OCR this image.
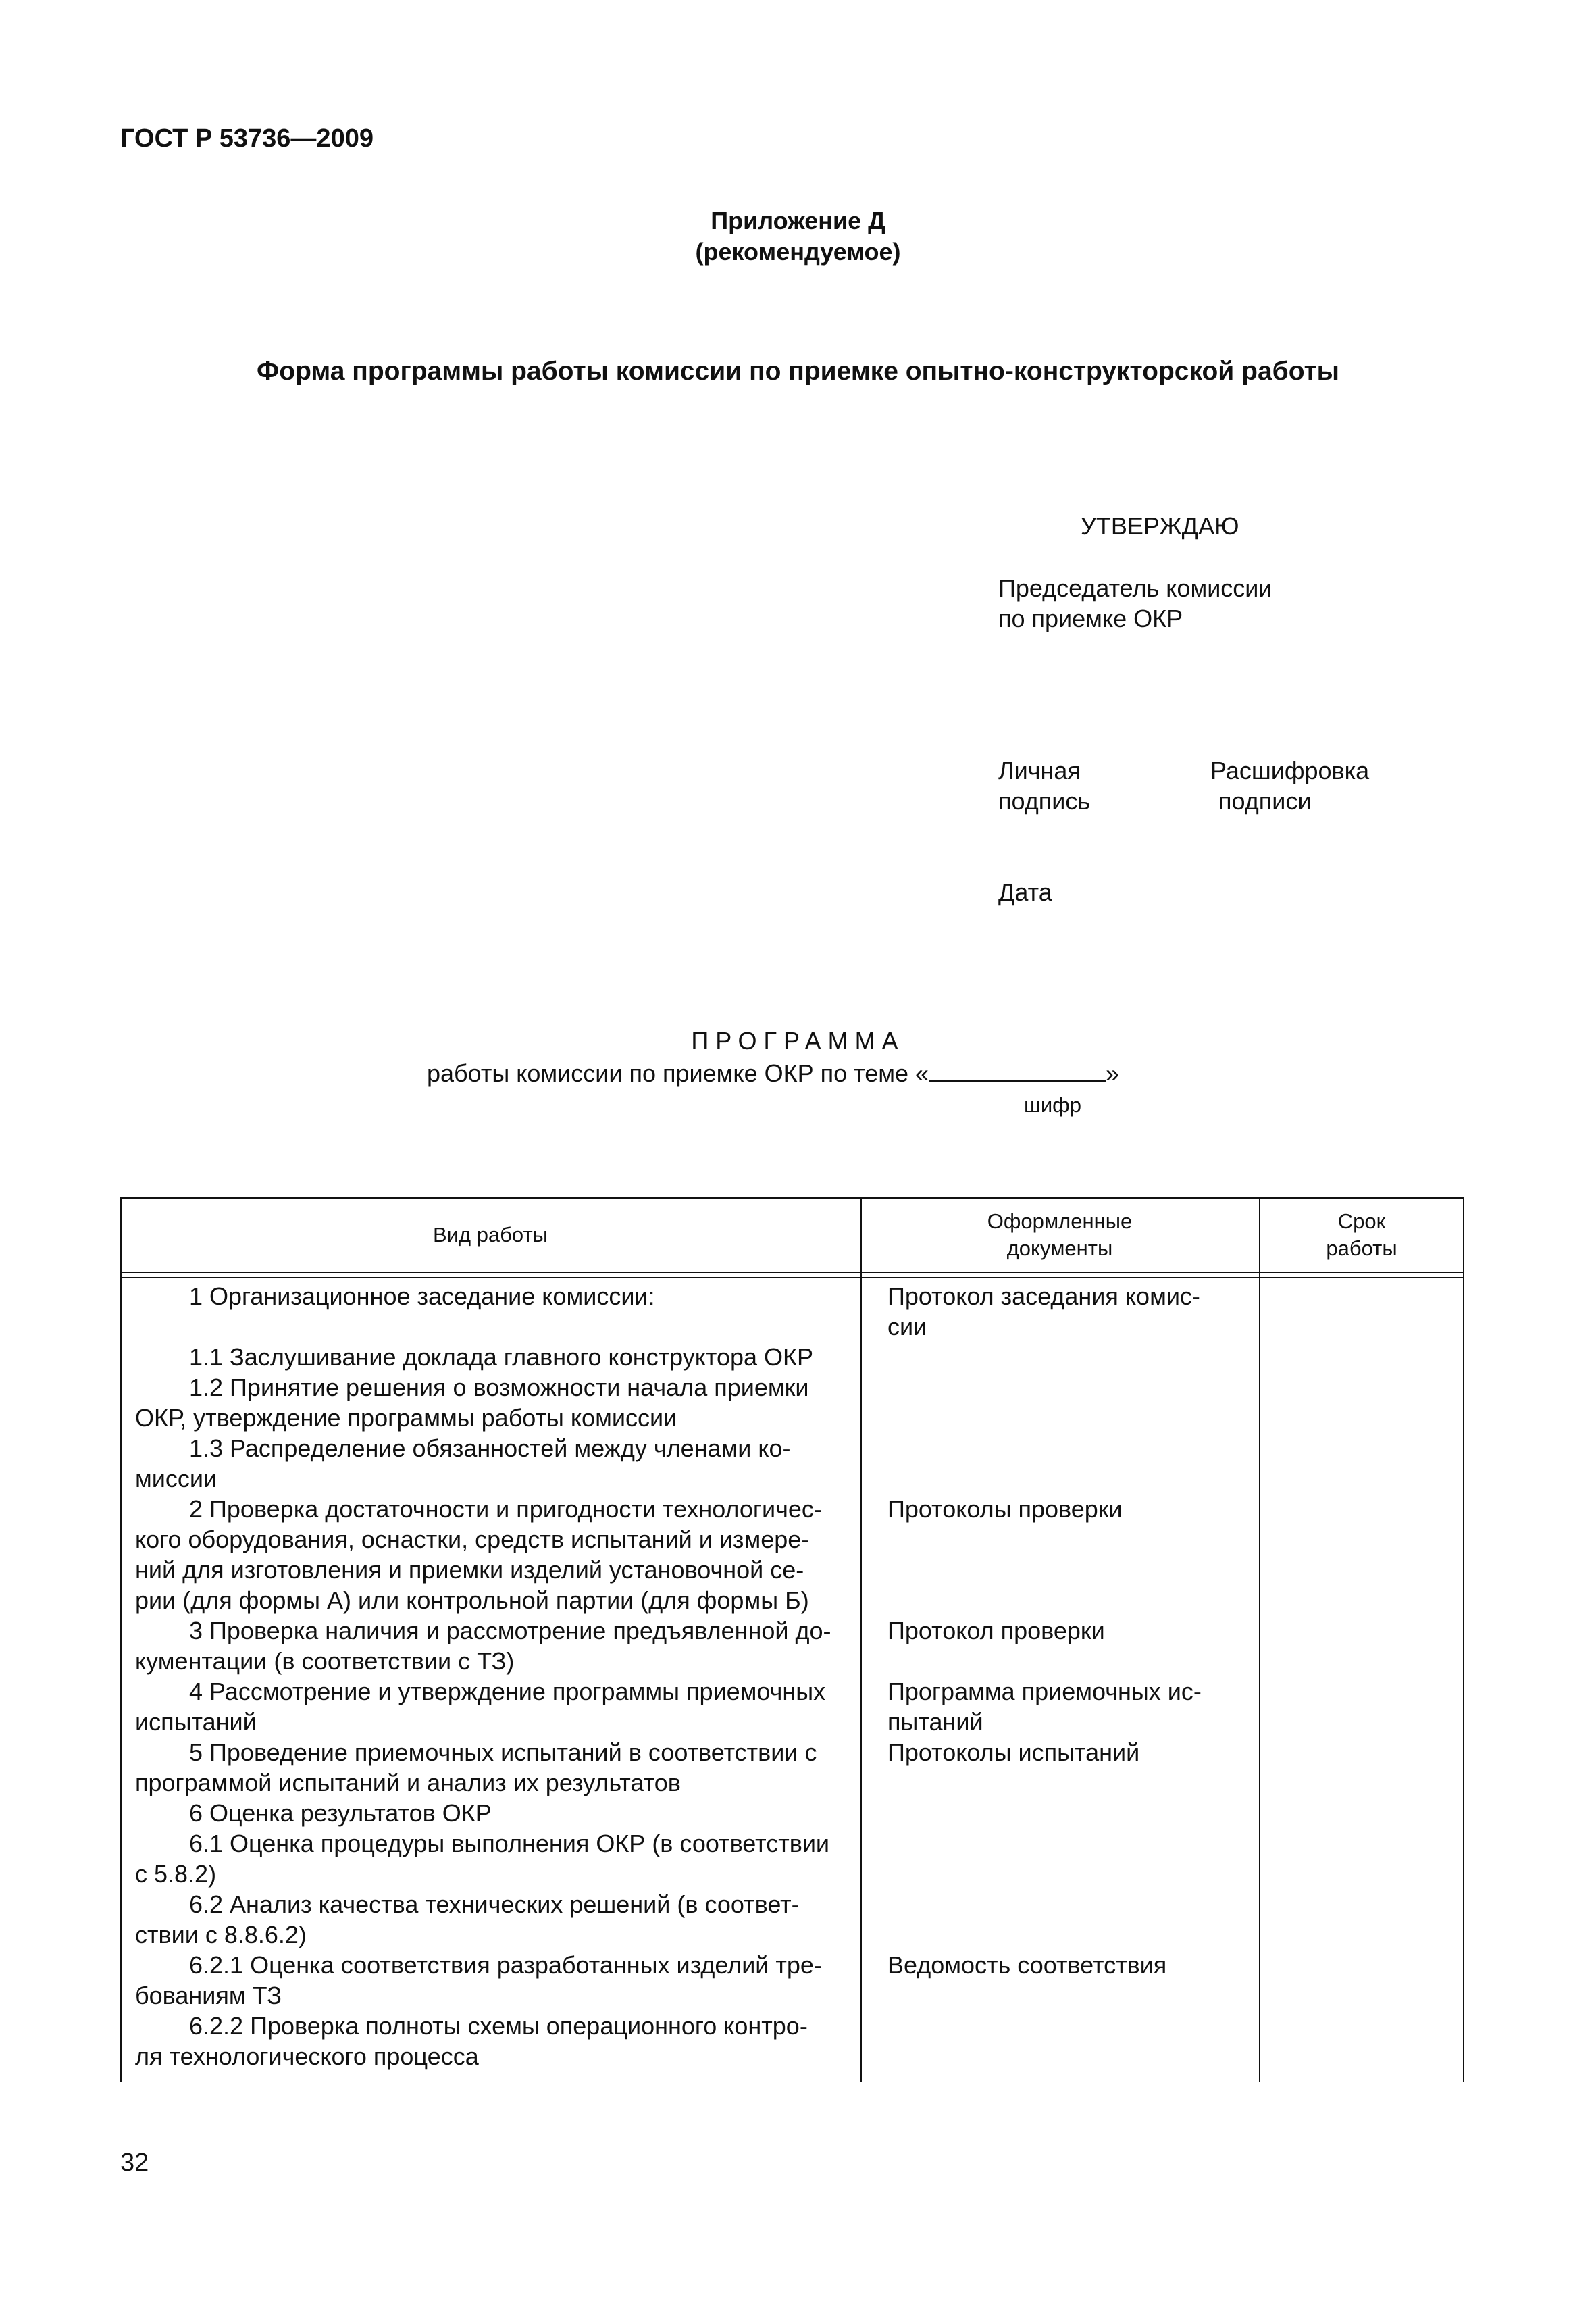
ГОСТ Р 53736—2009
Приложение Д
(рекомендуемое)
Форма программы работы комиссии по приемке опытно-конструкторской работы
УТВЕРЖДАЮ
Председатель комиссии
по приемке ОКР
Личная
подпись
Расшифровка
подписи
Дата
ПРОГРАММА
работы комиссии по приемке ОКР по теме «	»
шифр
Вид работы
Оформленные
документы
Срок
работы
1 Организационное заседание комиссии:
	Протокол заседания комис-
сии
1.1 Заслушивание доклада главного конструктора ОКР
1.2 Принятие решения о возможности начала приемки
ОКР, утверждение программы работы комиссии
1.3 Распределение обязанностей между членами ко-
миссии
2 Проверка достаточности и пригодности технологичес-
кого оборудования, оснастки, средств испытаний и измере-
ний для изготовления и приемки изделий установочной се-
рии (для формы А) или контрольной партии (для формы Б)
Протоколы проверки
3 Проверка наличия и рассмотрение предъявленной до-
кументации (в соответствии с ТЗ)
Протокол проверки
4 Рассмотрение и утверждение программы приемочных
испытаний
Программа приемочных ис-
пытаний
5 Проведение приемочных испытаний в соответствии с
программой испытаний и анализ их результатов
Протоколы испытаний
6 Оценка результатов ОКР
6.1 Оценка процедуры выполнения ОКР (в соответствии
с 5.8.2)
6.2 Анализ качества технических решений (в соответ-
ствии с 8.8.6.2)
6.2.1 Оценка соответствия разработанных изделий тре-
бованиям ТЗ
Ведомость соответствия
6.2.2 Проверка полноты схемы операционного контро-
ля технологического процесса
32
